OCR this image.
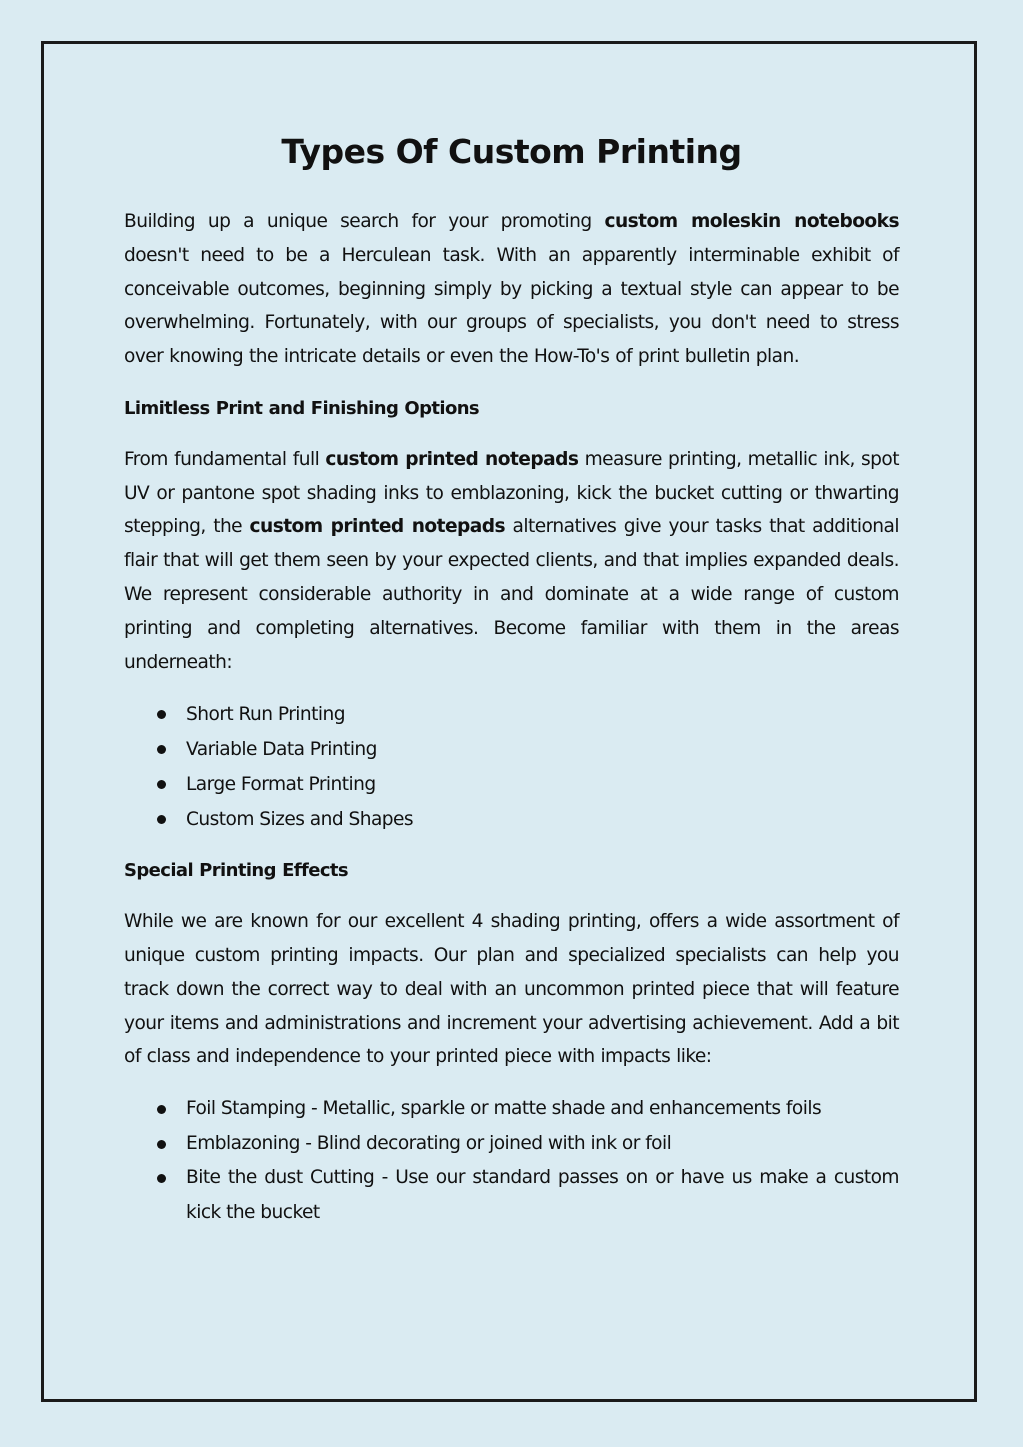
Types Of Custom Printing

Building up a unique search for your promoting custom moleskin notebooks doesn't need to be a Herculean task. With an apparently interminable exhibit of conceivable outcomes, beginning simply by picking a textual style can appear to be overwhelming. Fortunately, with our groups of specialists, you don't need to stress over knowing the intricate details or even the How-To's of print bulletin plan.

Limitless Print and Finishing Options

From fundamental full custom printed notepads measure printing, metallic ink, spot UV or pantone spot shading inks to emblazoning, kick the bucket cutting or thwarting stepping, the custom printed notepads alternatives give your tasks that additional flair that will get them seen by your expected clients, and that implies expanded deals. We represent considerable authority in and dominate at a wide range of custom printing and completing alternatives. Become familiar with them in the areas underneath:

Short Run Printing
Variable Data Printing
Large Format Printing
Custom Sizes and Shapes

Special Printing Effects

While we are known for our excellent 4 shading printing, offers a wide assortment of unique custom printing impacts. Our plan and specialized specialists can help you track down the correct way to deal with an uncommon printed piece that will feature your items and administrations and increment your advertising achievement. Add a bit of class and independence to your printed piece with impacts like:

Foil Stamping - Metallic, sparkle or matte shade and enhancements foils
Emblazoning - Blind decorating or joined with ink or foil
Bite the dust Cutting - Use our standard passes on or have us make a custom kick the bucket
